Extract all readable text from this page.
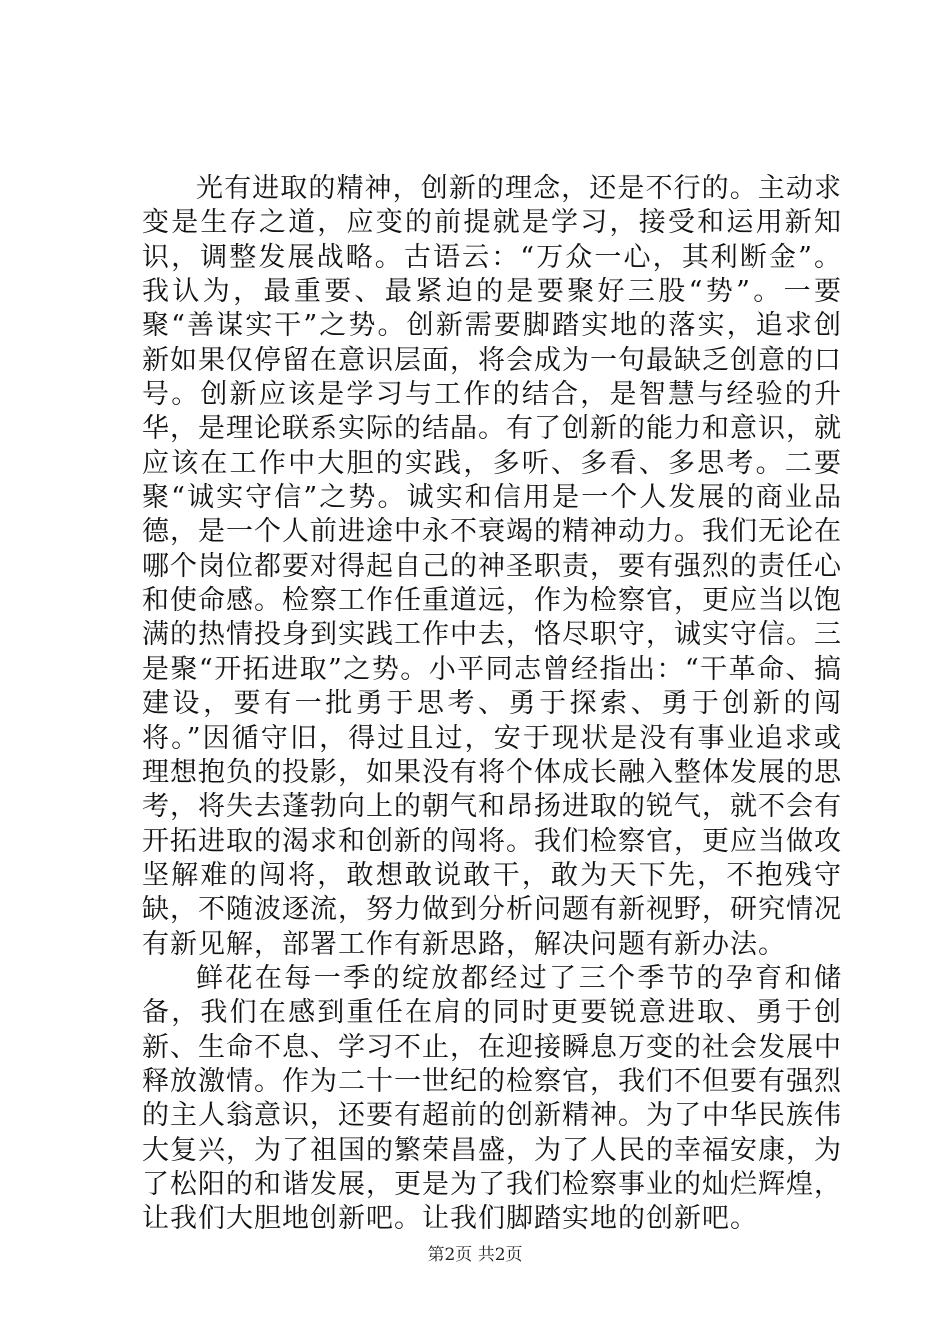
光有进取的精神，创新的理念，还是不行的。主动求变是生存之道，应变的前提就是学习，接受和运用新知识，调整发展战略。古语云：“万众一心，其利断金”。我认为，最重要、最紧迫的是要聚好三股“势”。一要聚“善谋实干”之势。创新需要脚踏实地的落实，追求创新如果仅停留在意识层面，将会成为一句最缺乏创意的口号。创新应该是学习与工作的结合，是智慧与经验的升华，是理论联系实际的结晶。有了创新的能力和意识，就应该在工作中大胆的实践，多听、多看、多思考。二要聚“诚实守信”之势。诚实和信用是一个人发展的商业品德，是一个人前进途中永不衰竭的精神动力。我们无论在哪个岗位都要对得起自己的神圣职责，要有强烈的责任心和使命感。检察工作任重道远，作为检察官，更应当以饱满的热情投身到实践工作中去，恪尽职守，诚实守信。三是聚“开拓进取”之势。小平同志曾经指出：“干革命、搞建设，要有一批勇于思考、勇于探索、勇于创新的闯将。”因循守旧，得过且过，安于现状是没有事业追求或理想抱负的投影，如果没有将个体成长融入整体发展的思考，将失去蓬勃向上的朝气和昂扬进取的锐气，就不会有开拓进取的渴求和创新的闯将。我们检察官，更应当做攻坚解难的闯将，敢想敢说敢干，敢为天下先，不抱残守缺，不随波逐流，努力做到分析问题有新视野，研究情况有新见解，部署工作有新思路，解决问题有新办法。

鲜花在每一季的绽放都经过了三个季节的孕育和储备，我们在感到重任在肩的同时更要锐意进取、勇于创新、生命不息、学习不止，在迎接瞬息万变的社会发展中释放激情。作为二十一世纪的检察官，我们不但要有强烈的主人翁意识，还要有超前的创新精神。为了中华民族伟大复兴，为了祖国的繁荣昌盛，为了人民的幸福安康，为了松阳的和谐发展，更是为了我们检察事业的灿烂辉煌，让我们大胆地创新吧。让我们脚踏实地的创新吧。

第2页 共2页
